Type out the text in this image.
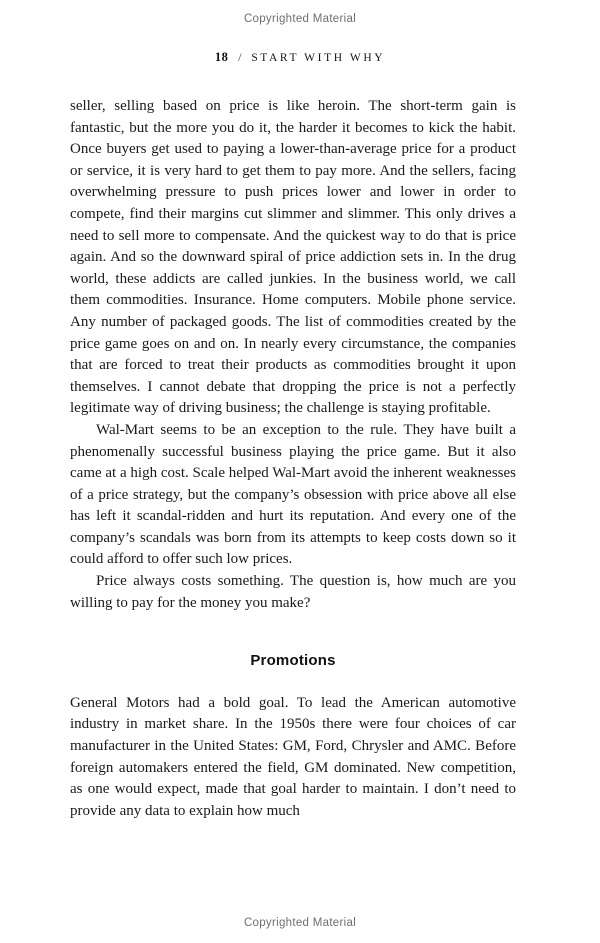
Copyrighted Material
18 / START WITH WHY

seller, selling based on price is like heroin. The short-term gain is fantastic, but the more you do it, the harder it becomes to kick the habit. Once buyers get used to paying a lower-than-average price for a product or service, it is very hard to get them to pay more. And the sellers, facing overwhelming pressure to push prices lower and lower in order to compete, find their margins cut slimmer and slimmer. This only drives a need to sell more to compensate. And the quickest way to do that is price again. And so the downward spiral of price addiction sets in. In the drug world, these addicts are called junkies. In the business world, we call them commodities. Insurance. Home computers. Mobile phone service. Any number of packaged goods. The list of commodities created by the price game goes on and on. In nearly every circumstance, the companies that are forced to treat their products as commodities brought it upon themselves. I cannot debate that dropping the price is not a perfectly legitimate way of driving business; the challenge is staying profitable.

Wal-Mart seems to be an exception to the rule. They have built a phenomenally successful business playing the price game. But it also came at a high cost. Scale helped Wal-Mart avoid the inherent weaknesses of a price strategy, but the company’s obsession with price above all else has left it scandal-ridden and hurt its reputation. And every one of the company’s scandals was born from its attempts to keep costs down so it could afford to offer such low prices.

Price always costs something. The question is, how much are you willing to pay for the money you make?

Promotions

General Motors had a bold goal. To lead the American automotive industry in market share. In the 1950s there were four choices of car manufacturer in the United States: GM, Ford, Chrysler and AMC. Before foreign automakers entered the field, GM dominated. New competition, as one would expect, made that goal harder to maintain. I don’t need to provide any data to explain how much

Copyrighted Material
